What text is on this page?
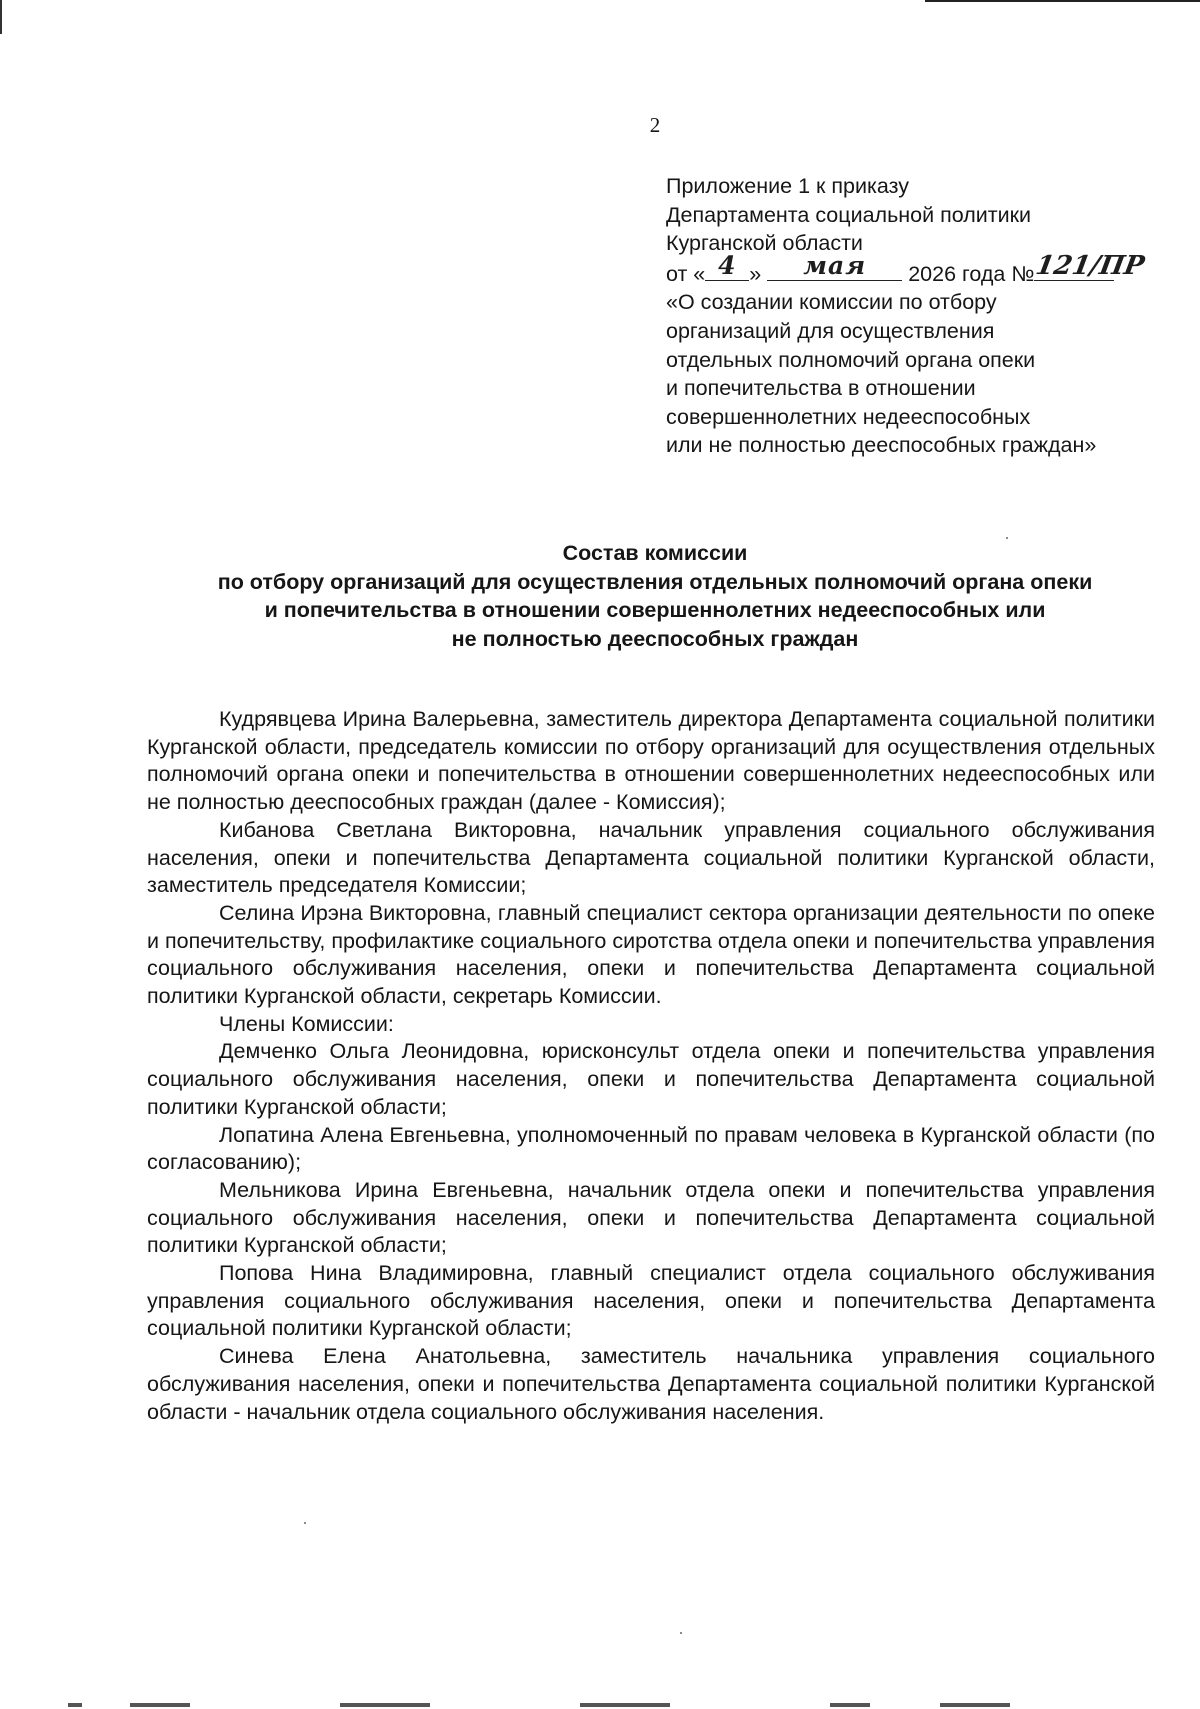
2
Приложение 1 к приказу
Департамента социальной политики
Курганской области
от « 4 »	мая	2026 года № 121/ПР
«О создании комиссии по отбору
организаций для осуществления
отдельных полномочий органа опеки
и попечительства в отношении
совершеннолетних недееспособных
или не полностью дееспособных граждан»
Состав комиссии
по отбору организаций для осуществления отдельных полномочий органа опеки
и попечительства в отношении совершеннолетних недееспособных или
не полностью дееспособных граждан

Кудрявцева Ирина Валерьевна, заместитель директора Департамента социальной политики Курганской области, председатель комиссии по отбору организаций для осуществления отдельных полномочий органа опеки и попечительства в отношении совершеннолетних недееспособных или не полностью дееспособных граждан (далее - Комиссия);

Кибанова Светлана Викторовна, начальник управления социального обслуживания населения, опеки и попечительства Департамента социальной политики Курганской области, заместитель председателя Комиссии;

Селина Ирэна Викторовна, главный специалист сектора организации деятельности по опеке и попечительству, профилактике социального сиротства отдела опеки и попечительства управления социального обслуживания населения, опеки и попечительства Департамента социальной политики Курганской области, секретарь Комиссии.

Члены Комиссии:

Демченко Ольга Леонидовна, юрисконсульт отдела опеки и попечительства управления социального обслуживания населения, опеки и попечительства Департамента социальной политики Курганской области;

Лопатина Алена Евгеньевна, уполномоченный по правам человека в Курганской области (по согласованию);

Мельникова Ирина Евгеньевна, начальник отдела опеки и попечительства управления социального обслуживания населения, опеки и попечительства Департамента социальной политики Курганской области;

Попова Нина Владимировна, главный специалист отдела социального обслуживания управления социального обслуживания населения, опеки и попечительства Департамента социальной политики Курганской области;

Синева Елена Анатольевна, заместитель начальника управления социального обслуживания населения, опеки и попечительства Департамента социальной политики Курганской области - начальник отдела социального обслуживания населения.
